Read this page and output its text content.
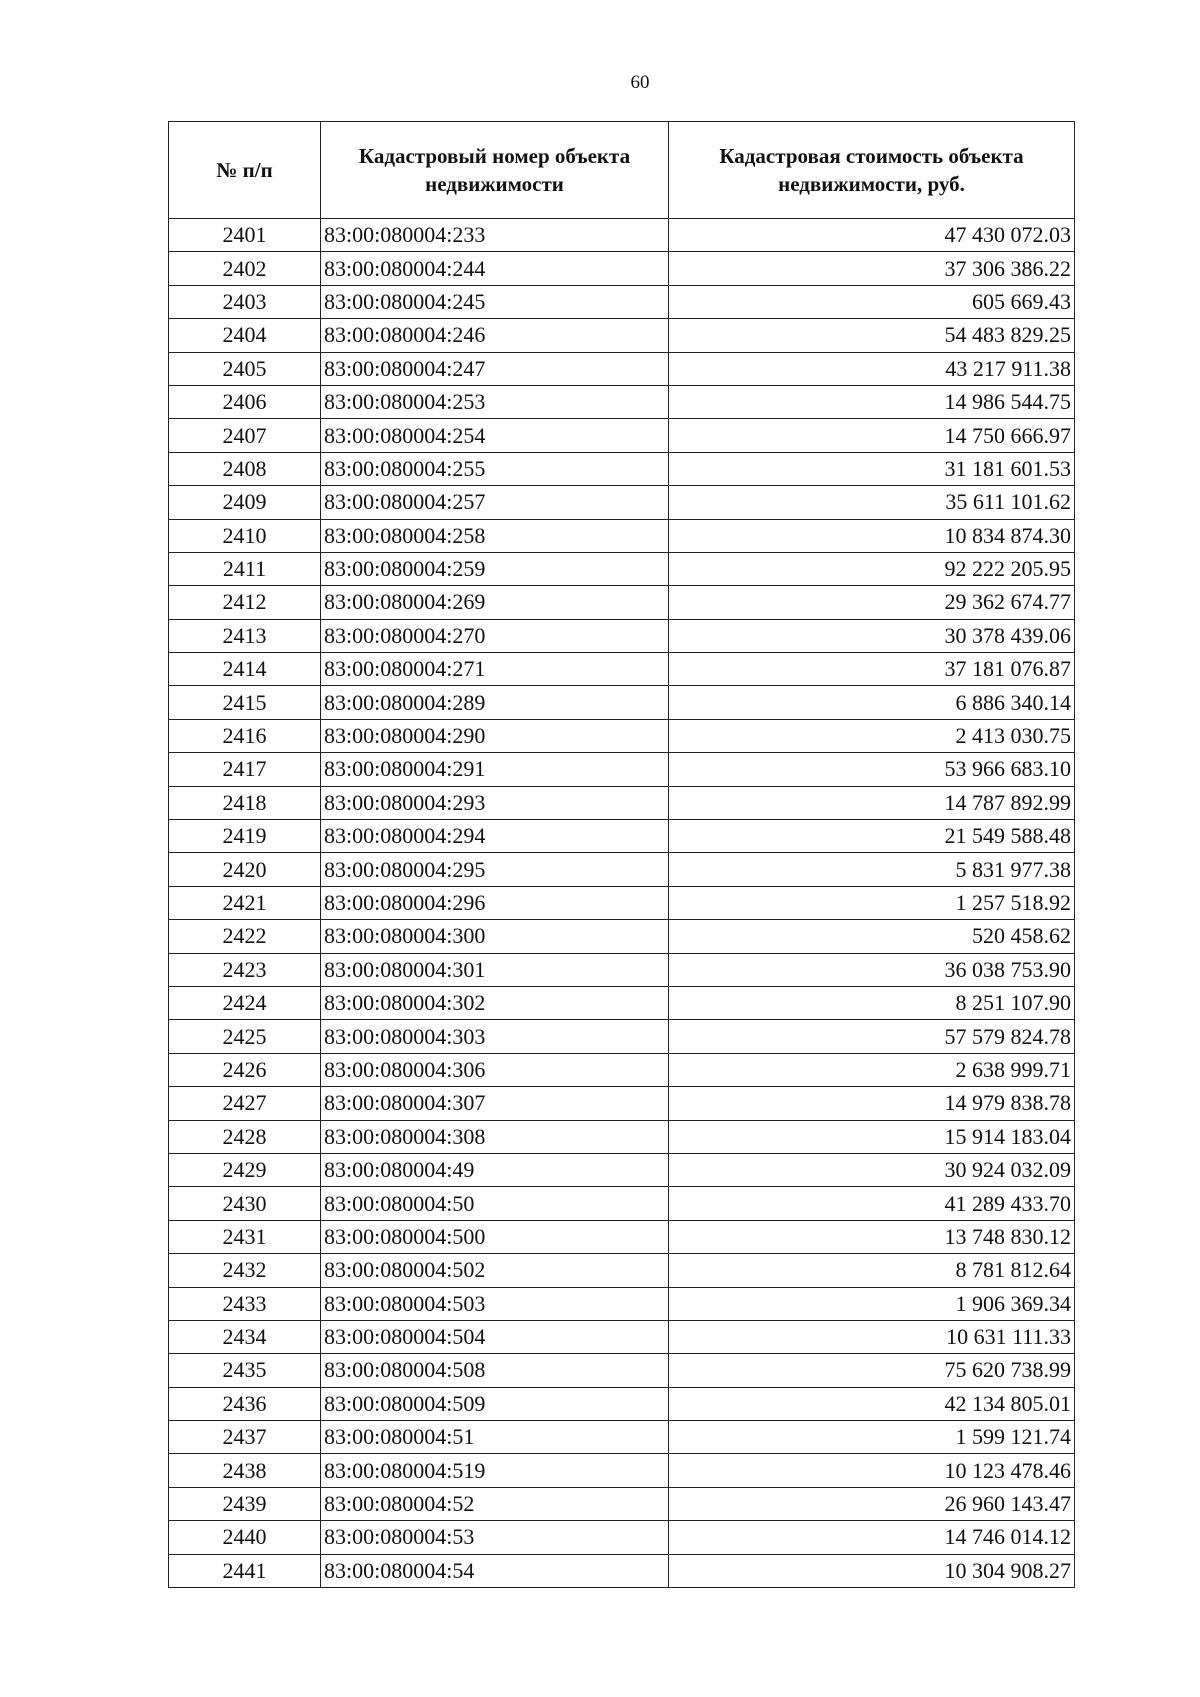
60
№ п/п	Кадастровый номер объекта недвижимости	Кадастровая стоимость объекта недвижимости, руб.
2401	83:00:080004:233	47 430 072.03
2402	83:00:080004:244	37 306 386.22
2403	83:00:080004:245	605 669.43
2404	83:00:080004:246	54 483 829.25
2405	83:00:080004:247	43 217 911.38
2406	83:00:080004:253	14 986 544.75
2407	83:00:080004:254	14 750 666.97
2408	83:00:080004:255	31 181 601.53
2409	83:00:080004:257	35 611 101.62
2410	83:00:080004:258	10 834 874.30
2411	83:00:080004:259	92 222 205.95
2412	83:00:080004:269	29 362 674.77
2413	83:00:080004:270	30 378 439.06
2414	83:00:080004:271	37 181 076.87
2415	83:00:080004:289	6 886 340.14
2416	83:00:080004:290	2 413 030.75
2417	83:00:080004:291	53 966 683.10
2418	83:00:080004:293	14 787 892.99
2419	83:00:080004:294	21 549 588.48
2420	83:00:080004:295	5 831 977.38
2421	83:00:080004:296	1 257 518.92
2422	83:00:080004:300	520 458.62
2423	83:00:080004:301	36 038 753.90
2424	83:00:080004:302	8 251 107.90
2425	83:00:080004:303	57 579 824.78
2426	83:00:080004:306	2 638 999.71
2427	83:00:080004:307	14 979 838.78
2428	83:00:080004:308	15 914 183.04
2429	83:00:080004:49	30 924 032.09
2430	83:00:080004:50	41 289 433.70
2431	83:00:080004:500	13 748 830.12
2432	83:00:080004:502	8 781 812.64
2433	83:00:080004:503	1 906 369.34
2434	83:00:080004:504	10 631 111.33
2435	83:00:080004:508	75 620 738.99
2436	83:00:080004:509	42 134 805.01
2437	83:00:080004:51	1 599 121.74
2438	83:00:080004:519	10 123 478.46
2439	83:00:080004:52	26 960 143.47
2440	83:00:080004:53	14 746 014.12
2441	83:00:080004:54	10 304 908.27
